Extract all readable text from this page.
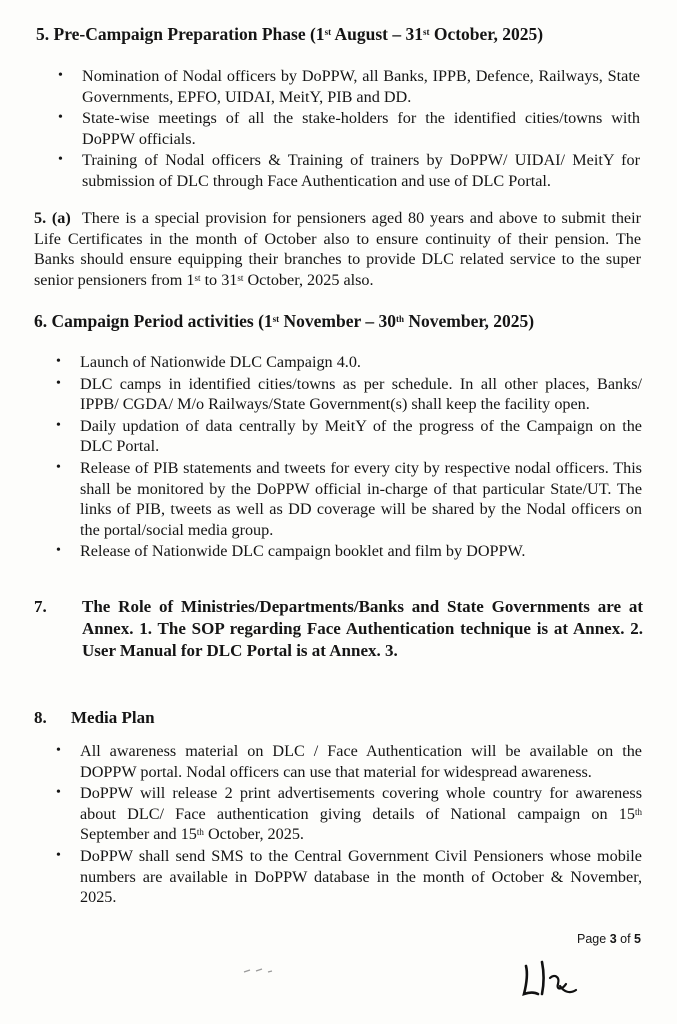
5. Pre-Campaign Preparation Phase (1st August – 31st October, 2025)
• Nomination of Nodal officers by DoPPW, all Banks, IPPB, Defence, Railways, State Governments, EPFO, UIDAI, MeitY, PIB and DD.
• State-wise meetings of all the stake-holders for the identified cities/towns with DoPPW officials.
• Training of Nodal officers & Training of trainers by DoPPW/ UIDAI/ MeitY for submission of DLC through Face Authentication and use of DLC Portal.
5. (a) There is a special provision for pensioners aged 80 years and above to submit their Life Certificates in the month of October also to ensure continuity of their pension. The Banks should ensure equipping their branches to provide DLC related service to the super senior pensioners from 1st to 31st October, 2025 also.
6. Campaign Period activities (1st November – 30th November, 2025)
• Launch of Nationwide DLC Campaign 4.0.
• DLC camps in identified cities/towns as per schedule. In all other places, Banks/ IPPB/ CGDA/ M/o Railways/State Government(s) shall keep the facility open.
• Daily updation of data centrally by MeitY of the progress of the Campaign on the DLC Portal.
• Release of PIB statements and tweets for every city by respective nodal officers. This shall be monitored by the DoPPW official in-charge of that particular State/UT. The links of PIB, tweets as well as DD coverage will be shared by the Nodal officers on the portal/social media group.
• Release of Nationwide DLC campaign booklet and film by DOPPW.
7.	The Role of Ministries/Departments/Banks and State Governments are at Annex. 1. The SOP regarding Face Authentication technique is at Annex. 2. User Manual for DLC Portal is at Annex. 3.
8. Media Plan
• All awareness material on DLC / Face Authentication will be available on the DOPPW portal. Nodal officers can use that material for widespread awareness.
• DoPPW will release 2 print advertisements covering whole country for awareness about DLC/ Face authentication giving details of National campaign on 15th September and 15th October, 2025.
• DoPPW shall send SMS to the Central Government Civil Pensioners whose mobile numbers are available in DoPPW database in the month of October & November, 2025.
Page 3 of 5
